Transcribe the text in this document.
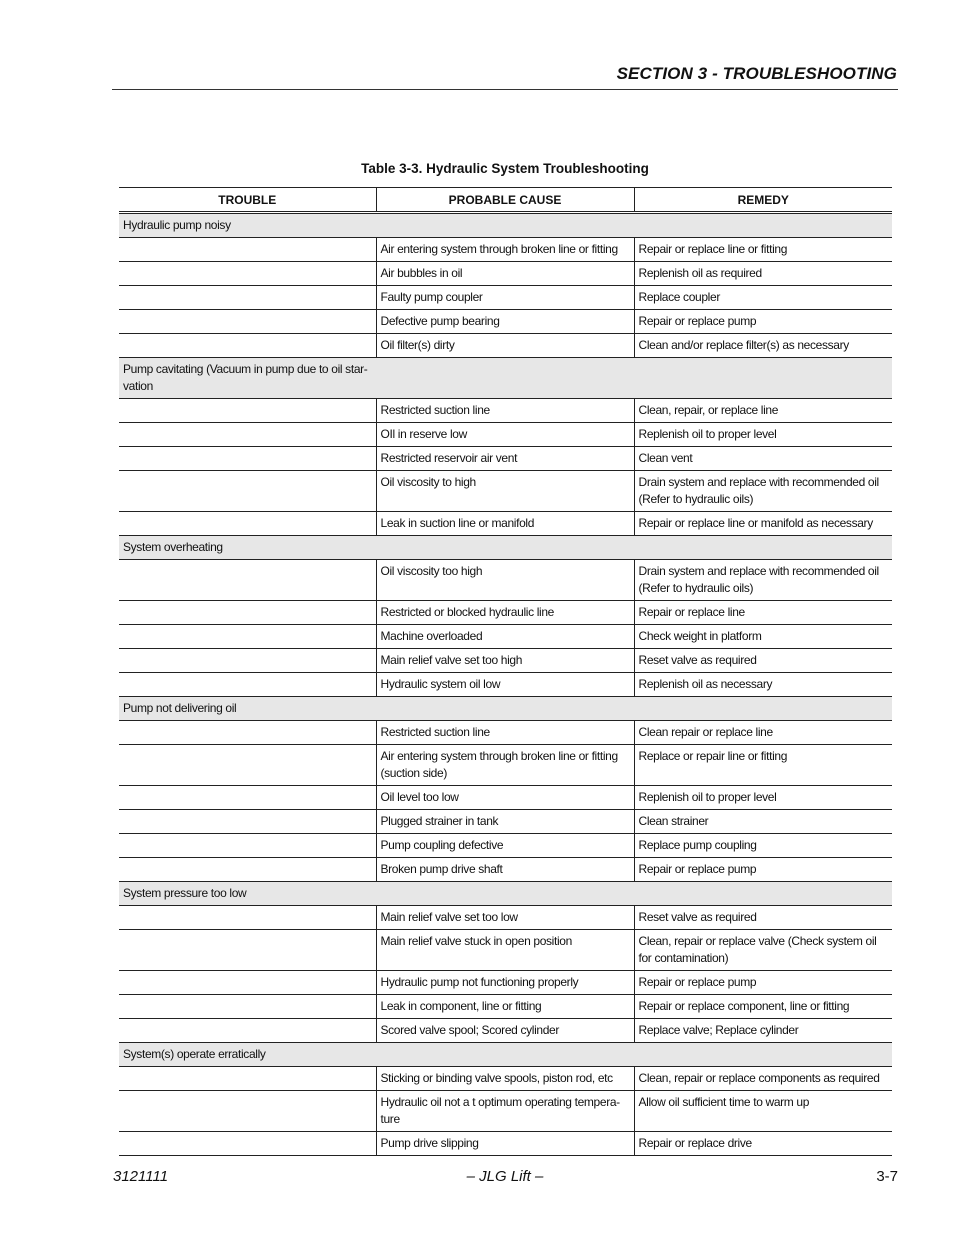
SECTION 3 - TROUBLESHOOTING
Table 3-3. Hydraulic System Troubleshooting
TROUBLE	PROBABLE CAUSE	REMEDY
Hydraulic pump noisy		
	Air entering system through broken line or fitting	Repair or replace line or fitting
	Air bubbles in oil	Replenish oil as required
	Faulty pump coupler	Replace coupler
	Defective pump bearing	Repair or replace pump
	Oil filter(s) dirty	Clean and/or replace filter(s) as necessary
Pump cavitating (Vacuum in pump due to oil star-vation		
	Restricted suction line	Clean, repair, or replace line
	OIl in reserve low	Replenish oil to proper level
	Restricted reservoir air vent	Clean vent
	Oil viscosity to high	Drain system and replace with recommended oil (Refer to hydraulic oils)
	Leak in suction line or manifold	Repair or replace line or manifold as necessary
System overheating		
	Oil viscosity too high	Drain system and replace with recommended oil (Refer to hydraulic oils)
	Restricted or blocked hydraulic line	Repair or replace line
	Machine overloaded	Check weight in platform
	Main relief valve set too high	Reset valve as required
	Hydraulic system oil low	Replenish oil as necessary
Pump not delivering oil		
	Restricted suction line	Clean repair or replace line
	Air entering system through broken line or fitting (suction side)	Replace or repair line or fitting
	Oil level too low	Replenish oil to proper level
	Plugged strainer in tank	Clean strainer
	Pump coupling defective	Replace pump coupling
	Broken pump drive shaft	Repair or replace pump
System pressure too low		
	Main relief valve set too low	Reset valve as required
	Main relief valve stuck in open position	Clean, repair or replace valve (Check system oil for contamination)
	Hydraulic pump not functioning properly	Repair or replace pump
	Leak in component, line or fitting	Repair or replace component, line or fitting
	Scored valve spool; Scored cylinder	Replace valve; Replace cylinder
System(s) operate erratically		
	Sticking or binding valve spools, piston rod, etc	Clean, repair or replace components as required
	Hydraulic oil not a t optimum operating tempera-ture	Allow oil sufficient time to warm up
	Pump drive slipping	Repair or replace drive
3121111	– JLG Lift –	3-7
